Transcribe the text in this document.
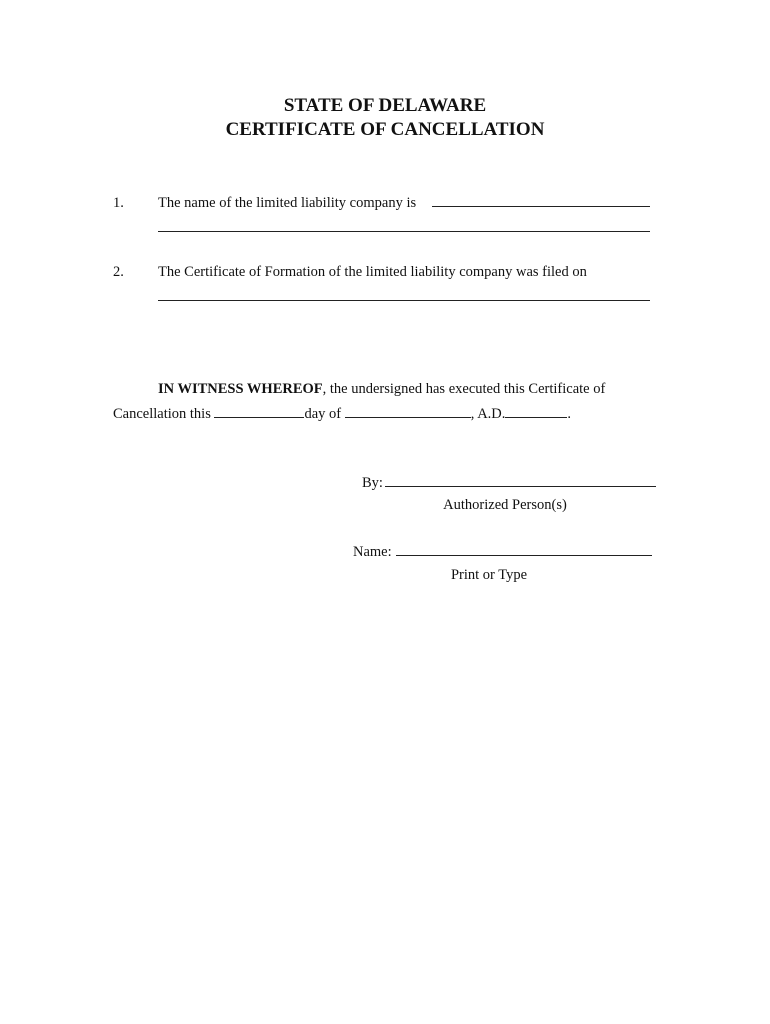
STATE OF DELAWARE
CERTIFICATE OF CANCELLATION
1. The name of the limited liability company is
2. The Certificate of Formation of the limited liability company was filed on
IN WITNESS WHEREOF, the undersigned has executed this Certificate of
Cancellation this	day of	, A.D.	.
By:
Authorized Person(s)
Name:
Print or Type
